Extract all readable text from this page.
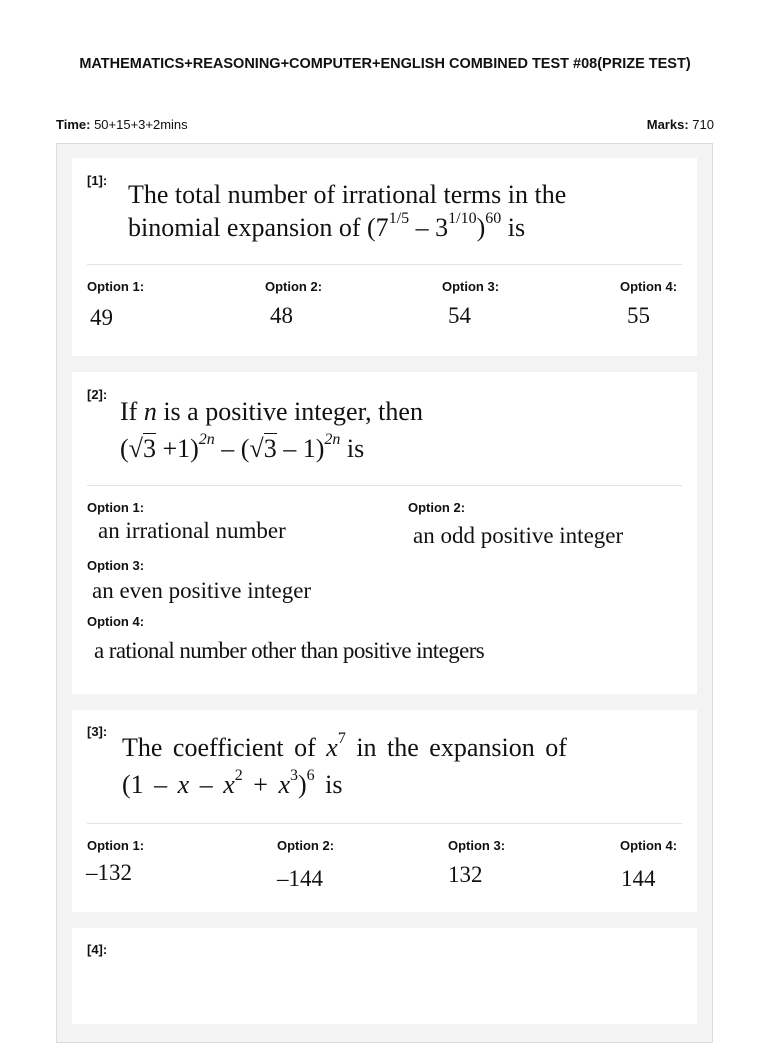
MATHEMATICS+REASONING+COMPUTER+ENGLISH COMBINED TEST #08(PRIZE TEST)
Time: 50+15+3+2mins	Marks: 710
[1]: The total number of irrational terms in the
binomial expansion of $(7^{1/5} - 3^{1/10})^{60}$ is
Option 1:	Option 2:	Option 3:	Option 4:
49	48	54	55
[2]:
If n is a positive integer, then
$(√3 +1)^{2n} - (√3 - 1)^{2n}$ is
Option 1:
an irrational number
Option 2:
an odd positive integer
Option 3:
an even positive integer
Option 4:
a rational number other than positive integers
[3]:
The coefficient of $x^7$ in the expansion of
$(1 - x - x^2 + x^3)^6$ is
Option 1:	Option 2:	Option 3:	Option 4:
–132	–144	132	144
[4]:
